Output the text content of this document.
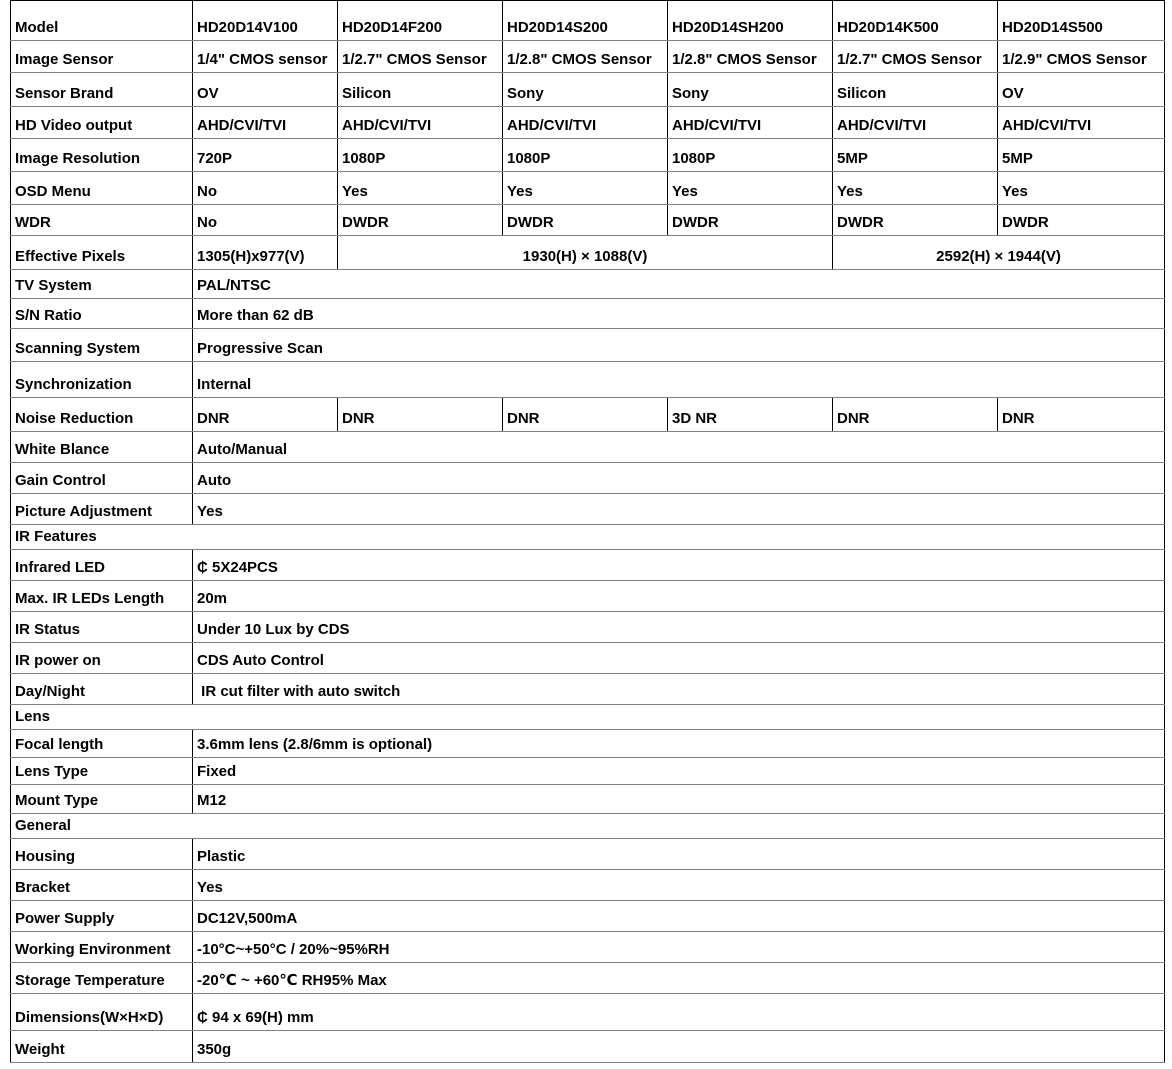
Model	HD20D14V100	HD20D14F200	HD20D14S200	HD20D14SH200	HD20D14K500	HD20D14S500
Image Sensor	1/4" CMOS sensor	1/2.7" CMOS Sensor	1/2.8" CMOS Sensor	1/2.8" CMOS Sensor	1/2.7" CMOS Sensor	1/2.9" CMOS Sensor
Sensor Brand	OV	Silicon	Sony	Sony	Silicon	OV
HD Video output	AHD/CVI/TVI	AHD/CVI/TVI	AHD/CVI/TVI	AHD/CVI/TVI	AHD/CVI/TVI	AHD/CVI/TVI
Image Resolution	720P	1080P	1080P	1080P	5MP	5MP
OSD Menu	No	Yes	Yes	Yes	Yes	Yes
WDR	No	DWDR	DWDR	DWDR	DWDR	DWDR
Effective Pixels	1305(H)x977(V)	1930(H) × 1088(V)			2592(H) × 1944(V)	
TV System	PAL/NTSC					
S/N Ratio	More than 62 dB					
Scanning System	Progressive Scan					
Synchronization	Internal					
Noise Reduction	DNR	DNR	DNR	3D NR	DNR	DNR
White Blance	Auto/Manual					
Gain Control	Auto					
Picture Adjustment	Yes					
IR Features						
Infrared LED	₵ 5X24PCS					
Max. IR LEDs Length	20m					
IR Status	Under 10 Lux by CDS					
IR power on	CDS Auto Control					
Day/Night	IR cut filter with auto switch					
Lens						
Focal length	3.6mm lens (2.8/6mm is optional)					
Lens Type	Fixed					
Mount Type	M12					
General						
Housing	Plastic					
Bracket	Yes					
Power Supply	DC12V,500mA					
Working Environment	-10°C~+50°C / 20%~95%RH					
Storage Temperature	-20℃ ~ +60℃ RH95% Max					
Dimensions(W×H×D)	₵ 94 x 69(H) mm					
Weight	350g					
